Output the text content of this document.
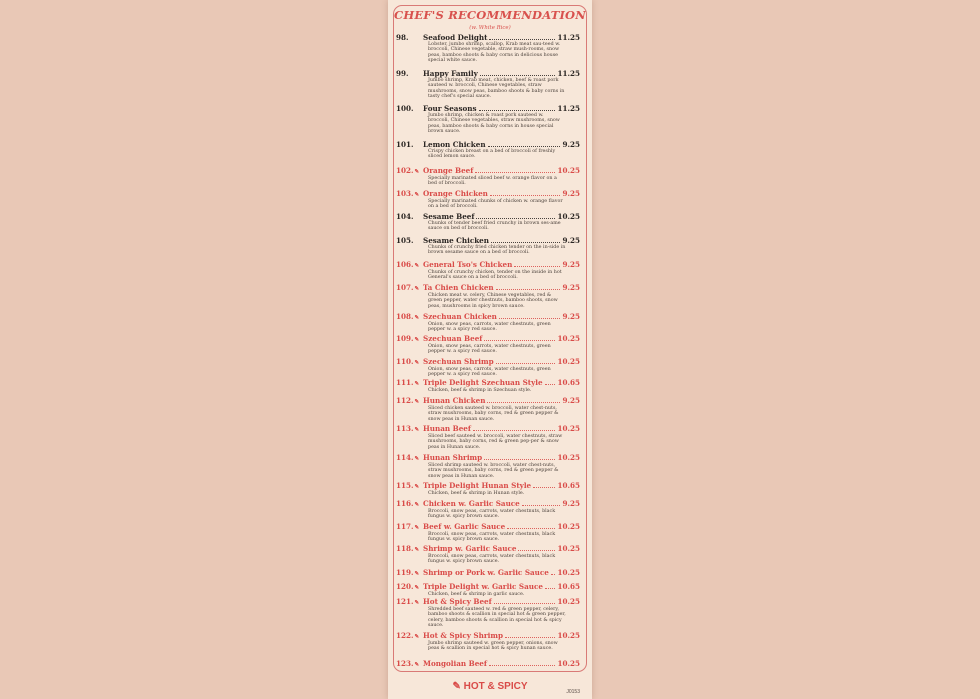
CHEF'S RECOMMENDATION
(w. White Rice)
98.	Seafood Delight	11.25
Lobster, jumbo shrimp, scallop, Krab meat sau-teed w. broccoli, Chinese vegetable, straw mush-rooms, snow peas, bamboo shoots & baby corns in delicious house special white sauce.
99.	Happy Family	11.25
Jumbo shrimp, Krab meat, chicken, beef & roast pork sauteed w. broccoli, Chinese vegetables, straw mushrooms, snow peas, bamboo shoots & baby corns in tasty chef's special sauce.
100.	Four Seasons	11.25
Jumbo shrimp, chicken & roast pork sauteed w. broccoli, Chinese vegetables, straw mushrooms, snow peas, bamboo shoots & baby corns in house special brown sauce.
101.	Lemon Chicken	9.25
Crispy chicken breast on a bed of broccoli of freshly sliced lemon sauce.
102.✎ Orange Beef	10.25
Specially marinated sliced beef w. orange flavor on a bed of broccoli.
103.✎ Orange Chicken	9.25
Specially marinated chunks of chicken w. orange flavor on a bed of broccoli.
104.	Sesame Beef	10.25
Chunks of tender beef fried crunchy in brown ses-ame sauce on bed of broccoli.
105.	Sesame Chicken	9.25
Chunks of crunchy fried chicken tender on the in-side in brown sesame sauce on a bed of broccoli.
106.✎ General Tso's Chicken	9.25
Chunks of crunchy chicken, tender on the inside in hot General's sauce on a bed of broccoli.
107.✎ Ta Chien Chicken	9.25
Chicken meat w. celery, Chinese vegetables, red & green pepper, water chestnuts, bamboo shoots, snow peas, mushrooms in spicy brown sauce.
108.✎ Szechuan Chicken	9.25
Onion, snow peas, carrots, water chestnuts, green pepper w. a spicy red sauce.
109.✎ Szechuan Beef	10.25
Onion, snow peas, carrots, water chestnuts, green pepper w. a spicy red sauce.
110.✎ Szechuan Shrimp	10.25
Onion, snow peas, carrots, water chestnuts, green pepper w. a spicy red sauce.
111.✎ Triple Delight Szechuan Style 10.65
Chicken, beef & shrimp in Szechuan style.
112.✎ Hunan Chicken	9.25
Sliced chicken sauteed w. broccoli, water chest-nuts, straw mushrooms, baby corns, red & green pepper & snow peas in Hunan sauce.
113.✎ Hunan Beef	10.25
Sliced beef sauteed w. broccoli, water chestnuts, straw mushrooms, baby corns, red & green pep-per & snow peas in Hunan sauce.
114.✎ Hunan Shrimp	10.25
Sliced shrimp sauteed w. broccoli, water chest-nuts, straw mushrooms, baby corns, red & green pepper & snow peas in Hunan sauce.
115.✎ Triple Delight Hunan Style	10.65
Chicken, beef & shrimp in Hunan style.
116.✎ Chicken w. Garlic Sauce	9.25
Broccoli, snow peas, carrots, water chestnuts, black fungus w. spicy brown sauce.
117.✎ Beef w. Garlic Sauce	10.25
Broccoli, snow peas, carrots, water chestnuts, black fungus w. spicy brown sauce.
118.✎ Shrimp w. Garlic Sauce	10.25
Broccoli, snow peas, carrots, water chestnuts, black fungus w. spicy brown sauce.
119.✎ Shrimp or Pork w. Garlic Sauce 10.25
120.✎ Triple Delight w. Garlic Sauce 10.65
Chicken, beef & shrimp in garlic sauce.
121.✎ Hot & Spicy Beef	10.25
Shredded beef sauteed w. red & green pepper, celery, bamboo shoots & scallion in special hot & green pepper, celery, bamboo shoots & scallion in special hot & spicy sauce.
122.✎ Hot & Spicy Shrimp	10.25
Jumbo shrimp sauteed w. green pepper, onions, snow peas & scallion in special hot & spicy hunan sauce.
123.✎ Mongolian Beef	10.25
✎ HOT & SPICY	J0153
